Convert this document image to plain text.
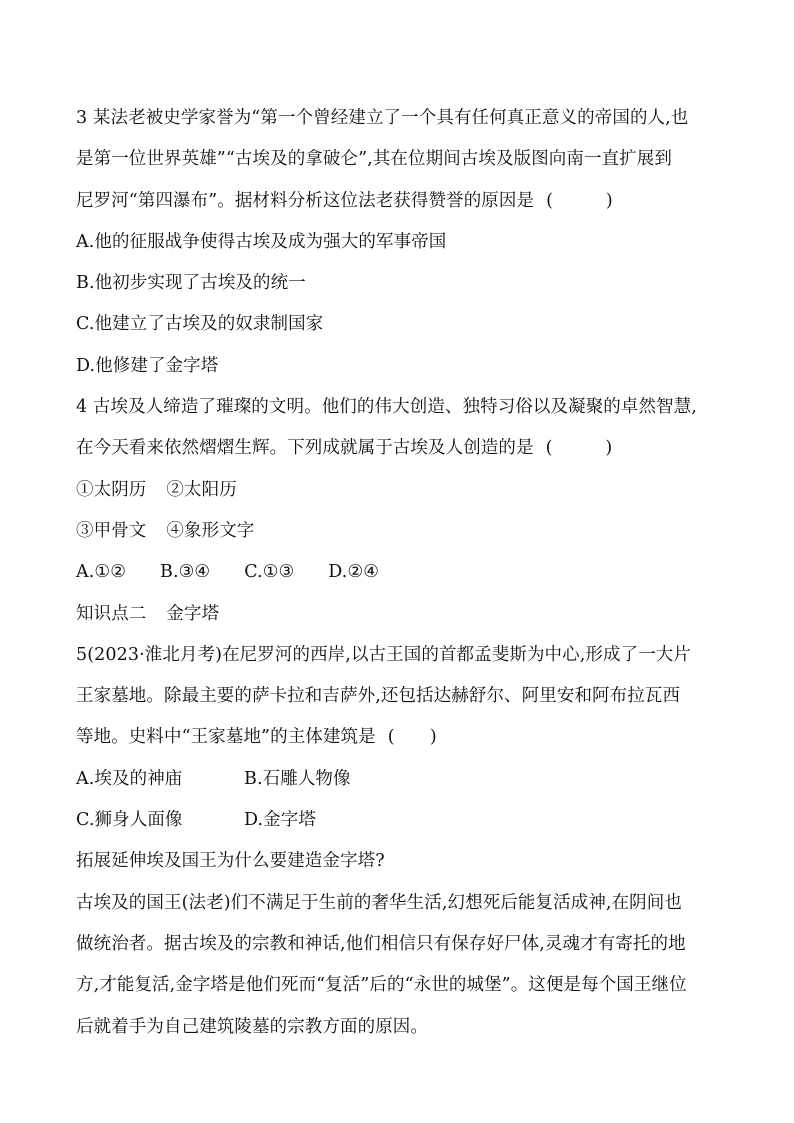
3 某法老被史学家誉为“第一个曾经建立了一个具有任何真正意义的帝国的人,也
是第一位世界英雄”“古埃及的拿破仑”,其在位期间古埃及版图向南一直扩展到
尼罗河“第四瀑布”。据材料分析这位法老获得赞誉的原因是 (　　　)
A.他的征服战争使得古埃及成为强大的军事帝国
B.他初步实现了古埃及的统一
C.他建立了古埃及的奴隶制国家
D.他修建了金字塔
4 古埃及人缔造了璀璨的文明。他们的伟大创造、独特习俗以及凝聚的卓然智慧,
在今天看来依然熠熠生辉。下列成就属于古埃及人创造的是 (　　　)
①太阴历 ②太阳历
③甲骨文 ④象形文字
A.①② B.③④ C.①③ D.②④
知识点二 金字塔
5(2023·淮北月考)在尼罗河的西岸,以古王国的首都孟斐斯为中心,形成了一大片
王家墓地。除最主要的萨卡拉和吉萨外,还包括达赫舒尔、阿里安和阿布拉瓦西
等地。史料中“王家墓地”的主体建筑是 (　　)
A.埃及的神庙	B.石雕人物像
C.狮身人面像	D.金字塔
拓展延伸埃及国王为什么要建造金字塔?
古埃及的国王(法老)们不满足于生前的奢华生活,幻想死后能复活成神,在阴间也
做统治者。据古埃及的宗教和神话,他们相信只有保存好尸体,灵魂才有寄托的地
方,才能复活,金字塔是他们死而“复活”后的“永世的城堡”。这便是每个国王继位
后就着手为自己建筑陵墓的宗教方面的原因。
